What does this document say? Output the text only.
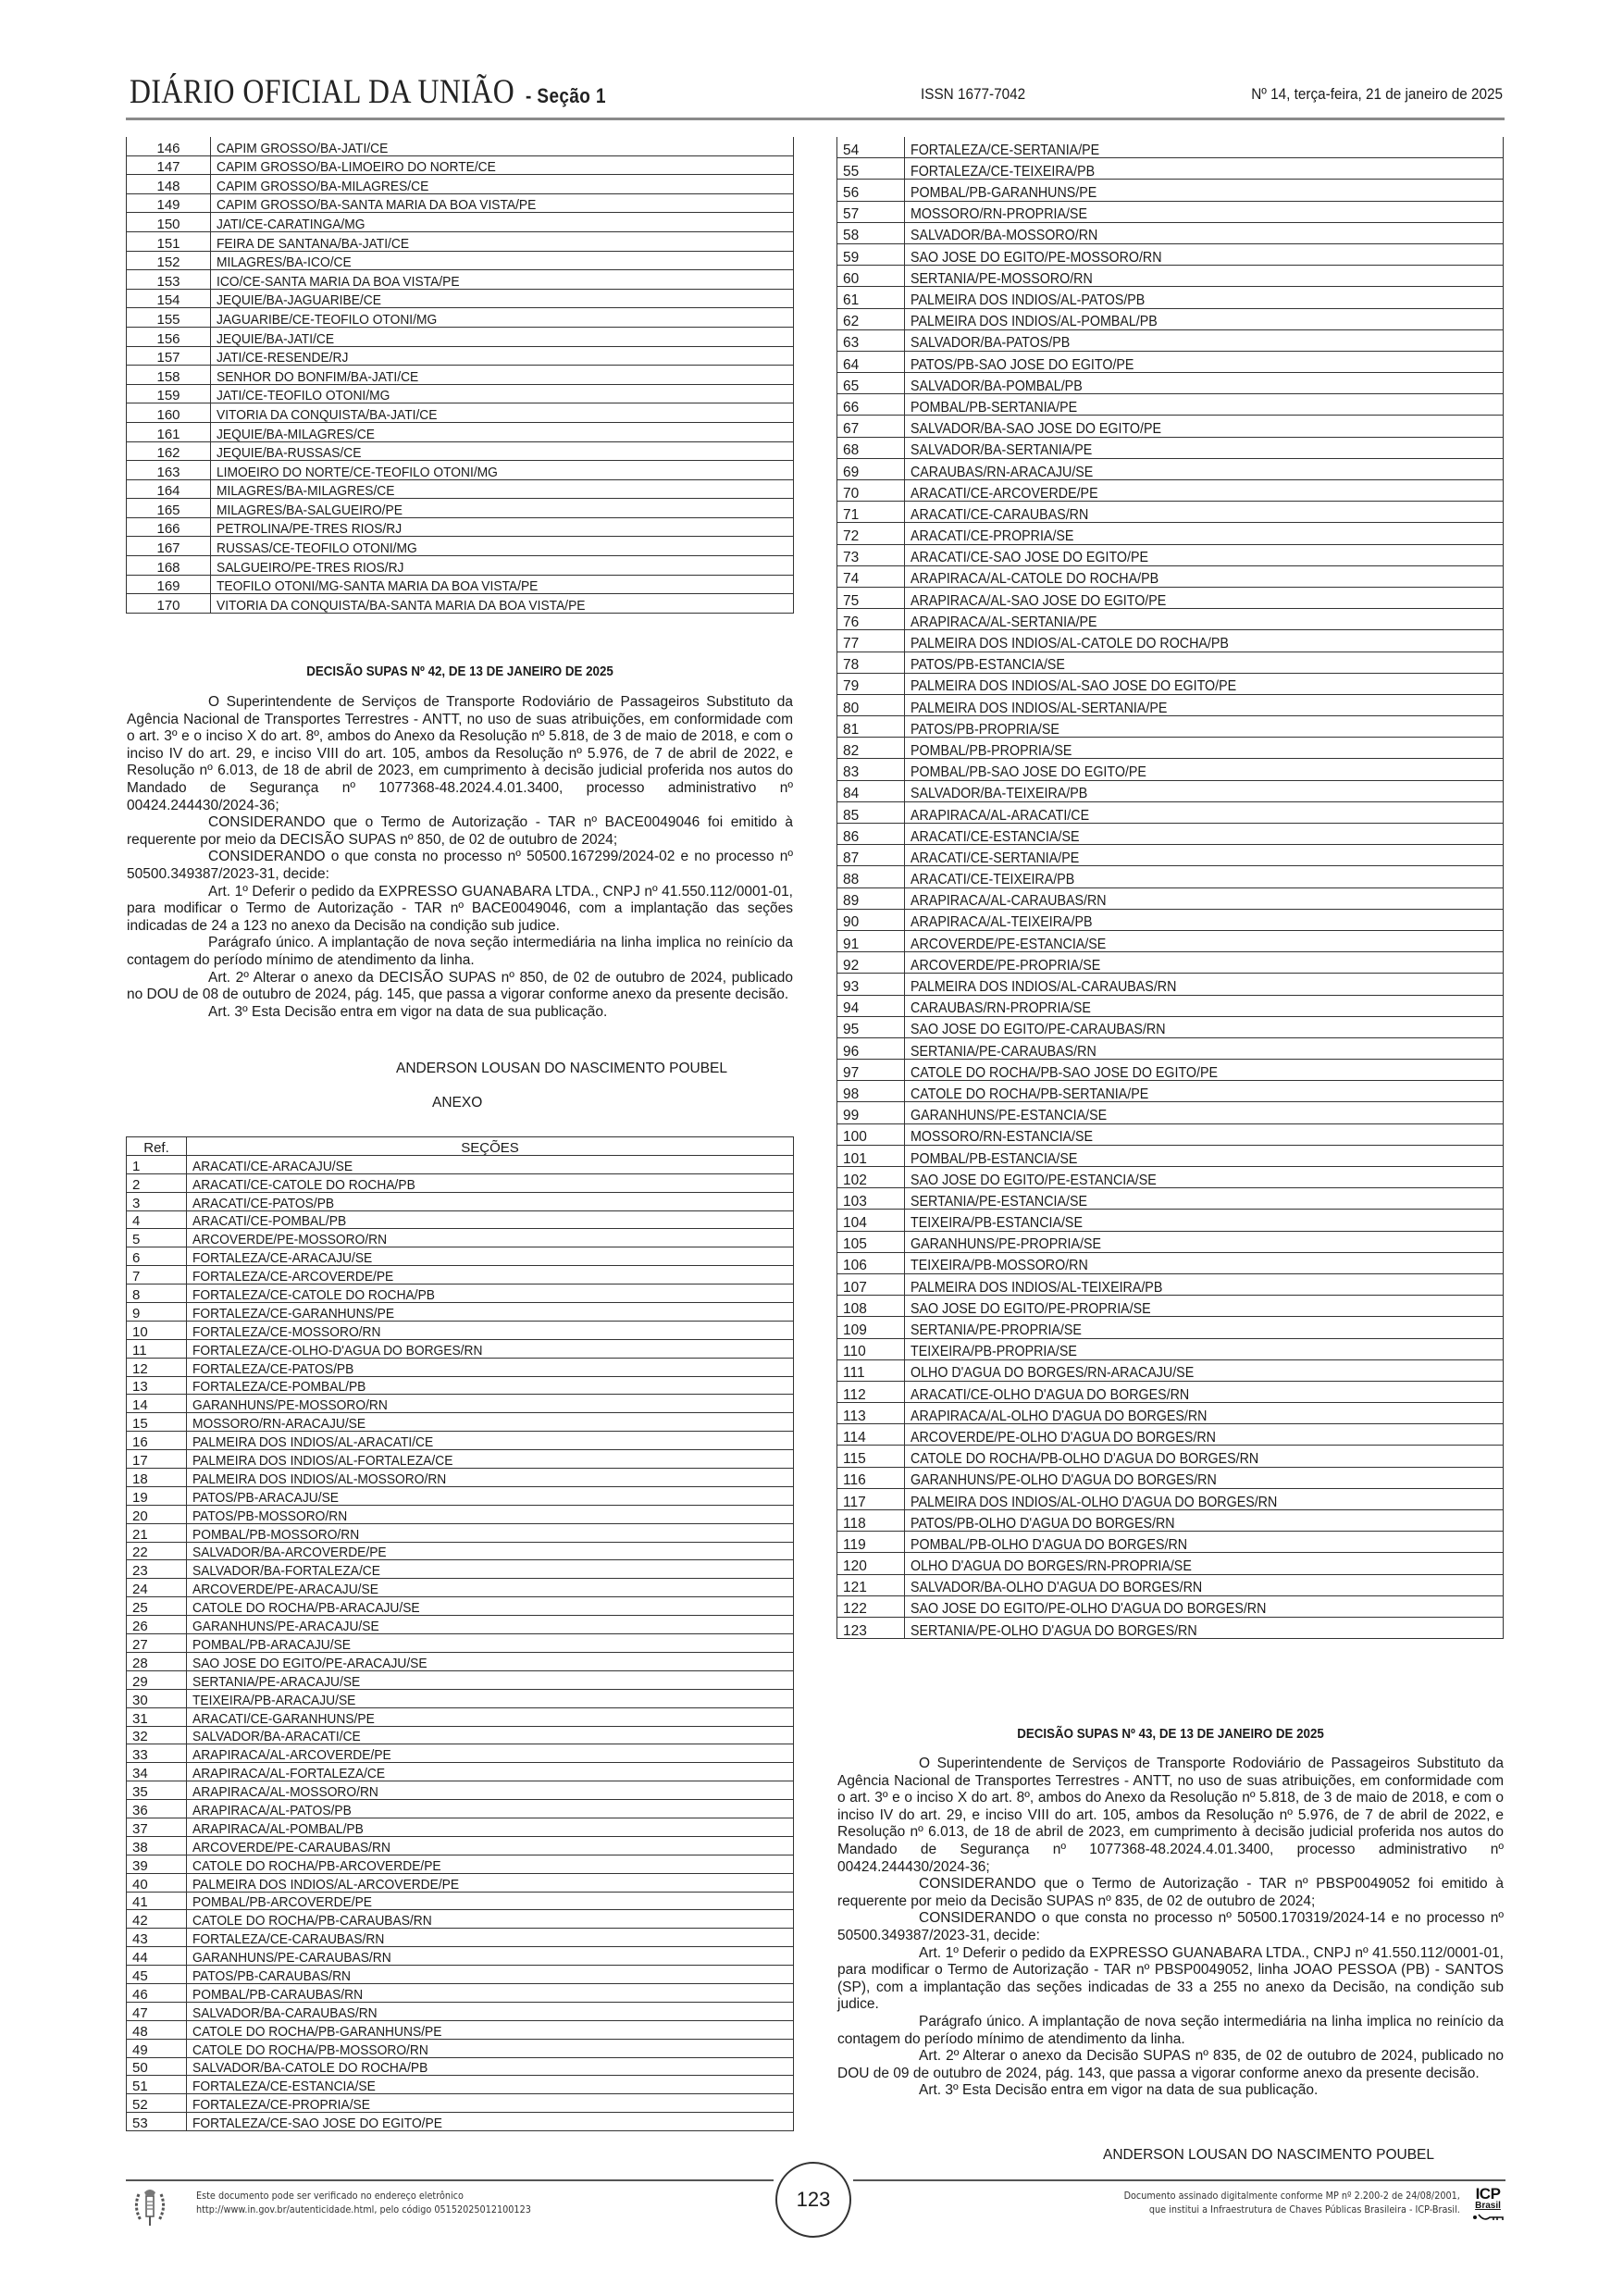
DIÁRIO OFICIAL DA UNIÃO - Seção 1	ISSN 1677-7042	Nº 14, terça-feira, 21 de janeiro de 2025
146	CAPIM GROSSO/BA-JATI/CE
147	CAPIM GROSSO/BA-LIMOEIRO DO NORTE/CE
148	CAPIM GROSSO/BA-MILAGRES/CE
149	CAPIM GROSSO/BA-SANTA MARIA DA BOA VISTA/PE
150	JATI/CE-CARATINGA/MG
151	FEIRA DE SANTANA/BA-JATI/CE
152	MILAGRES/BA-ICO/CE
153	ICO/CE-SANTA MARIA DA BOA VISTA/PE
154	JEQUIE/BA-JAGUARIBE/CE
155	JAGUARIBE/CE-TEOFILO OTONI/MG
156	JEQUIE/BA-JATI/CE
157	JATI/CE-RESENDE/RJ
158	SENHOR DO BONFIM/BA-JATI/CE
159	JATI/CE-TEOFILO OTONI/MG
160	VITORIA DA CONQUISTA/BA-JATI/CE
161	JEQUIE/BA-MILAGRES/CE
162	JEQUIE/BA-RUSSAS/CE
163	LIMOEIRO DO NORTE/CE-TEOFILO OTONI/MG
164	MILAGRES/BA-MILAGRES/CE
165	MILAGRES/BA-SALGUEIRO/PE
166	PETROLINA/PE-TRES RIOS/RJ
167	RUSSAS/CE-TEOFILO OTONI/MG
168	SALGUEIRO/PE-TRES RIOS/RJ
169	TEOFILO OTONI/MG-SANTA MARIA DA BOA VISTA/PE
170	VITORIA DA CONQUISTA/BA-SANTA MARIA DA BOA VISTA/PE
DECISÃO SUPAS Nº 42, DE 13 DE JANEIRO DE 2025

O Superintendente de Serviços de Transporte Rodoviário de Passageiros Substituto da Agência Nacional de Transportes Terrestres - ANTT, no uso de suas atribuições, em conformidade com o art. 3º e o inciso X do art. 8º, ambos do Anexo da Resolução nº 5.818, de 3 de maio de 2018, e com o inciso IV do art. 29, e inciso VIII do art. 105, ambos da Resolução nº 5.976, de 7 de abril de 2022, e Resolução nº 6.013, de 18 de abril de 2023, em cumprimento à decisão judicial proferida nos autos do Mandado de Segurança nº 1077368-48.2024.4.01.3400, processo administrativo nº 00424.244430/2024-36;

CONSIDERANDO que o Termo de Autorização - TAR nº BACE0049046 foi emitido à requerente por meio da DECISÃO SUPAS nº 850, de 02 de outubro de 2024;

CONSIDERANDO o que consta no processo nº 50500.167299/2024-02 e no processo nº 50500.349387/2023-31, decide:

Art. 1º Deferir o pedido da EXPRESSO GUANABARA LTDA., CNPJ nº 41.550.112/0001-01, para modificar o Termo de Autorização - TAR nº BACE0049046, com a implantação das seções indicadas de 24 a 123 no anexo da Decisão na condição sub judice.

Parágrafo único. A implantação de nova seção intermediária na linha implica no reinício da contagem do período mínimo de atendimento da linha.

Art. 2º Alterar o anexo da DECISÃO SUPAS nº 850, de 02 de outubro de 2024, publicado no DOU de 08 de outubro de 2024, pág. 145, que passa a vigorar conforme anexo da presente decisão.

Art. 3º Esta Decisão entra em vigor na data de sua publicação.

ANDERSON LOUSAN DO NASCIMENTO POUBEL
ANEXO
Ref.	SEÇÕES
1	ARACATI/CE-ARACAJU/SE
2	ARACATI/CE-CATOLE DO ROCHA/PB
3	ARACATI/CE-PATOS/PB
4	ARACATI/CE-POMBAL/PB
5	ARCOVERDE/PE-MOSSORO/RN
6	FORTALEZA/CE-ARACAJU/SE
7	FORTALEZA/CE-ARCOVERDE/PE
8	FORTALEZA/CE-CATOLE DO ROCHA/PB
9	FORTALEZA/CE-GARANHUNS/PE
10	FORTALEZA/CE-MOSSORO/RN
11	FORTALEZA/CE-OLHO-D'AGUA DO BORGES/RN
12	FORTALEZA/CE-PATOS/PB
13	FORTALEZA/CE-POMBAL/PB
14	GARANHUNS/PE-MOSSORO/RN
15	MOSSORO/RN-ARACAJU/SE
16	PALMEIRA DOS INDIOS/AL-ARACATI/CE
17	PALMEIRA DOS INDIOS/AL-FORTALEZA/CE
18	PALMEIRA DOS INDIOS/AL-MOSSORO/RN
19	PATOS/PB-ARACAJU/SE
20	PATOS/PB-MOSSORO/RN
21	POMBAL/PB-MOSSORO/RN
22	SALVADOR/BA-ARCOVERDE/PE
23	SALVADOR/BA-FORTALEZA/CE
24	ARCOVERDE/PE-ARACAJU/SE
25	CATOLE DO ROCHA/PB-ARACAJU/SE
26	GARANHUNS/PE-ARACAJU/SE
27	POMBAL/PB-ARACAJU/SE
28	SAO JOSE DO EGITO/PE-ARACAJU/SE
29	SERTANIA/PE-ARACAJU/SE
30	TEIXEIRA/PB-ARACAJU/SE
31	ARACATI/CE-GARANHUNS/PE
32	SALVADOR/BA-ARACATI/CE
33	ARAPIRACA/AL-ARCOVERDE/PE
34	ARAPIRACA/AL-FORTALEZA/CE
35	ARAPIRACA/AL-MOSSORO/RN
36	ARAPIRACA/AL-PATOS/PB
37	ARAPIRACA/AL-POMBAL/PB
38	ARCOVERDE/PE-CARAUBAS/RN
39	CATOLE DO ROCHA/PB-ARCOVERDE/PE
40	PALMEIRA DOS INDIOS/AL-ARCOVERDE/PE
41	POMBAL/PB-ARCOVERDE/PE
42	CATOLE DO ROCHA/PB-CARAUBAS/RN
43	FORTALEZA/CE-CARAUBAS/RN
44	GARANHUNS/PE-CARAUBAS/RN
45	PATOS/PB-CARAUBAS/RN
46	POMBAL/PB-CARAUBAS/RN
47	SALVADOR/BA-CARAUBAS/RN
48	CATOLE DO ROCHA/PB-GARANHUNS/PE
49	CATOLE DO ROCHA/PB-MOSSORO/RN
50	SALVADOR/BA-CATOLE DO ROCHA/PB
51	FORTALEZA/CE-ESTANCIA/SE
52	FORTALEZA/CE-PROPRIA/SE
53	FORTALEZA/CE-SAO JOSE DO EGITO/PE
54	FORTALEZA/CE-SERTANIA/PE
55	FORTALEZA/CE-TEIXEIRA/PB
56	POMBAL/PB-GARANHUNS/PE
57	MOSSORO/RN-PROPRIA/SE
58	SALVADOR/BA-MOSSORO/RN
59	SAO JOSE DO EGITO/PE-MOSSORO/RN
60	SERTANIA/PE-MOSSORO/RN
61	PALMEIRA DOS INDIOS/AL-PATOS/PB
62	PALMEIRA DOS INDIOS/AL-POMBAL/PB
63	SALVADOR/BA-PATOS/PB
64	PATOS/PB-SAO JOSE DO EGITO/PE
65	SALVADOR/BA-POMBAL/PB
66	POMBAL/PB-SERTANIA/PE
67	SALVADOR/BA-SAO JOSE DO EGITO/PE
68	SALVADOR/BA-SERTANIA/PE
69	CARAUBAS/RN-ARACAJU/SE
70	ARACATI/CE-ARCOVERDE/PE
71	ARACATI/CE-CARAUBAS/RN
72	ARACATI/CE-PROPRIA/SE
73	ARACATI/CE-SAO JOSE DO EGITO/PE
74	ARAPIRACA/AL-CATOLE DO ROCHA/PB
75	ARAPIRACA/AL-SAO JOSE DO EGITO/PE
76	ARAPIRACA/AL-SERTANIA/PE
77	PALMEIRA DOS INDIOS/AL-CATOLE DO ROCHA/PB
78	PATOS/PB-ESTANCIA/SE
79	PALMEIRA DOS INDIOS/AL-SAO JOSE DO EGITO/PE
80	PALMEIRA DOS INDIOS/AL-SERTANIA/PE
81	PATOS/PB-PROPRIA/SE
82	POMBAL/PB-PROPRIA/SE
83	POMBAL/PB-SAO JOSE DO EGITO/PE
84	SALVADOR/BA-TEIXEIRA/PB
85	ARAPIRACA/AL-ARACATI/CE
86	ARACATI/CE-ESTANCIA/SE
87	ARACATI/CE-SERTANIA/PE
88	ARACATI/CE-TEIXEIRA/PB
89	ARAPIRACA/AL-CARAUBAS/RN
90	ARAPIRACA/AL-TEIXEIRA/PB
91	ARCOVERDE/PE-ESTANCIA/SE
92	ARCOVERDE/PE-PROPRIA/SE
93	PALMEIRA DOS INDIOS/AL-CARAUBAS/RN
94	CARAUBAS/RN-PROPRIA/SE
95	SAO JOSE DO EGITO/PE-CARAUBAS/RN
96	SERTANIA/PE-CARAUBAS/RN
97	CATOLE DO ROCHA/PB-SAO JOSE DO EGITO/PE
98	CATOLE DO ROCHA/PB-SERTANIA/PE
99	GARANHUNS/PE-ESTANCIA/SE
100	MOSSORO/RN-ESTANCIA/SE
101	POMBAL/PB-ESTANCIA/SE
102	SAO JOSE DO EGITO/PE-ESTANCIA/SE
103	SERTANIA/PE-ESTANCIA/SE
104	TEIXEIRA/PB-ESTANCIA/SE
105	GARANHUNS/PE-PROPRIA/SE
106	TEIXEIRA/PB-MOSSORO/RN
107	PALMEIRA DOS INDIOS/AL-TEIXEIRA/PB
108	SAO JOSE DO EGITO/PE-PROPRIA/SE
109	SERTANIA/PE-PROPRIA/SE
110	TEIXEIRA/PB-PROPRIA/SE
111	OLHO D'AGUA DO BORGES/RN-ARACAJU/SE
112	ARACATI/CE-OLHO D'AGUA DO BORGES/RN
113	ARAPIRACA/AL-OLHO D'AGUA DO BORGES/RN
114	ARCOVERDE/PE-OLHO D'AGUA DO BORGES/RN
115	CATOLE DO ROCHA/PB-OLHO D'AGUA DO BORGES/RN
116	GARANHUNS/PE-OLHO D'AGUA DO BORGES/RN
117	PALMEIRA DOS INDIOS/AL-OLHO D'AGUA DO BORGES/RN
118	PATOS/PB-OLHO D'AGUA DO BORGES/RN
119	POMBAL/PB-OLHO D'AGUA DO BORGES/RN
120	OLHO D'AGUA DO BORGES/RN-PROPRIA/SE
121	SALVADOR/BA-OLHO D'AGUA DO BORGES/RN
122	SAO JOSE DO EGITO/PE-OLHO D'AGUA DO BORGES/RN
123	SERTANIA/PE-OLHO D'AGUA DO BORGES/RN
DECISÃO SUPAS Nº 43, DE 13 DE JANEIRO DE 2025

O Superintendente de Serviços de Transporte Rodoviário de Passageiros Substituto da Agência Nacional de Transportes Terrestres - ANTT, no uso de suas atribuições, em conformidade com o art. 3º e o inciso X do art. 8º, ambos do Anexo da Resolução nº 5.818, de 3 de maio de 2018, e com o inciso IV do art. 29, e inciso VIII do art. 105, ambos da Resolução nº 5.976, de 7 de abril de 2022, e Resolução nº 6.013, de 18 de abril de 2023, em cumprimento à decisão judicial proferida nos autos do Mandado de Segurança nº 1077368-48.2024.4.01.3400, processo administrativo nº 00424.244430/2024-36;

CONSIDERANDO que o Termo de Autorização - TAR nº PBSP0049052 foi emitido à requerente por meio da Decisão SUPAS nº 835, de 02 de outubro de 2024;

CONSIDERANDO o que consta no processo nº 50500.170319/2024-14 e no processo nº 50500.349387/2023-31, decide:

Art. 1º Deferir o pedido da EXPRESSO GUANABARA LTDA., CNPJ nº 41.550.112/0001-01, para modificar o Termo de Autorização - TAR nº PBSP0049052, linha JOAO PESSOA (PB) - SANTOS (SP), com a implantação das seções indicadas de 33 a 255 no anexo da Decisão, na condição sub judice.

Parágrafo único. A implantação de nova seção intermediária na linha implica no reinício da contagem do período mínimo de atendimento da linha.

Art. 2º Alterar o anexo da Decisão SUPAS nº 835, de 02 de outubro de 2024, publicado no DOU de 09 de outubro de 2024, pág. 143, que passa a vigorar conforme anexo da presente decisão.

Art. 3º Esta Decisão entra em vigor na data de sua publicação.

ANDERSON LOUSAN DO NASCIMENTO POUBEL
123
Este documento pode ser verificado no endereço eletrônico
http://www.in.gov.br/autenticidade.html, pelo código 05152025012100123
Documento assinado digitalmente conforme MP nº 2.200-2 de 24/08/2001,
que institui a Infraestrutura de Chaves Públicas Brasileira - ICP-Brasil.
ICP
Brasil
